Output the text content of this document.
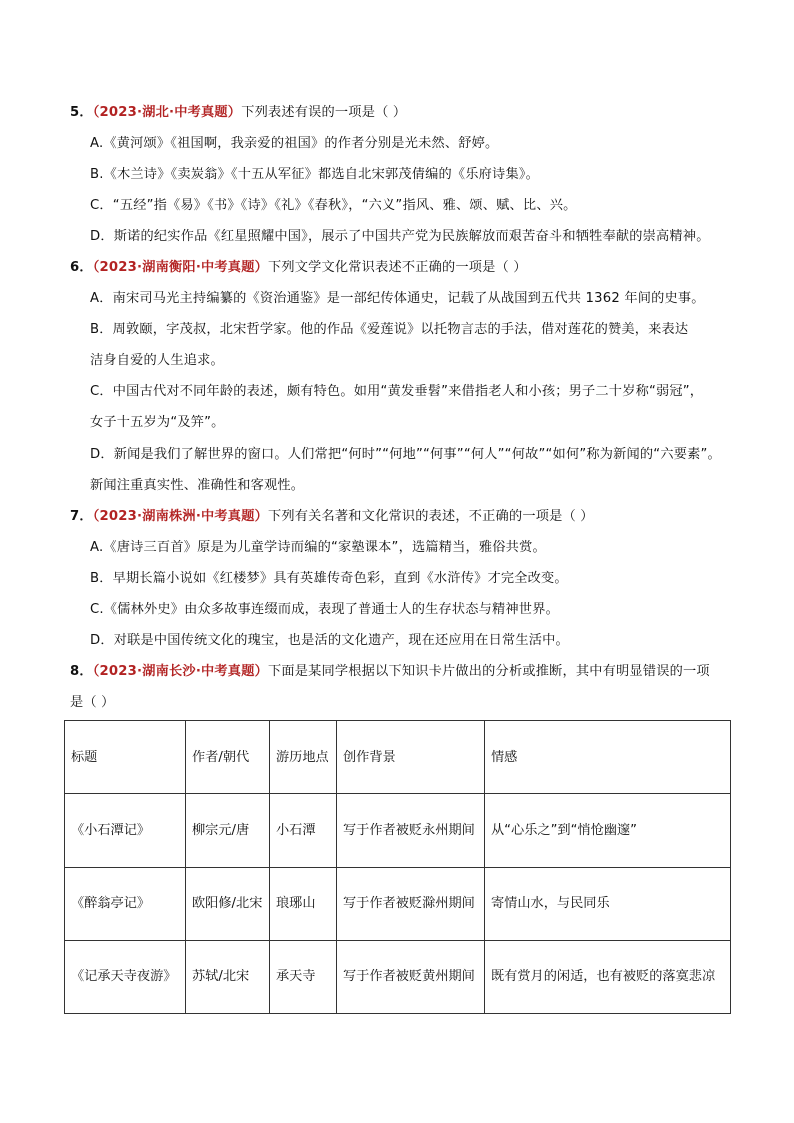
5．（2023·湖北·中考真题）下列表述有误的一项是（ ）
A.《黄河颂》《祖国啊，我亲爱的祖国》的作者分别是光未然、舒婷。
B.《木兰诗》《卖炭翁》《十五从军征》都选自北宋郭茂倩编的《乐府诗集》。
C．“五经”指《易》《书》《诗》《礼》《春秋》，“六义”指风、雅、颂、赋、比、兴。
D．斯诺的纪实作品《红星照耀中国》，展示了中国共产党为民族解放而艰苦奋斗和牺牲奉献的崇高精神。
6．（2023·湖南衡阳·中考真题）下列文学文化常识表述不正确的一项是（ ）
A．南宋司马光主持编纂的《资治通鉴》是一部纪传体通史，记载了从战国到五代共 1362 年间的史事。
B．周敦颐，字茂叔，北宋哲学家。他的作品《爱莲说》以托物言志的手法，借对莲花的赞美，来表达
洁身自爱的人生追求。
C．中国古代对不同年龄的表述，颇有特色。如用“黄发垂髫”来借指老人和小孩；男子二十岁称“弱冠”，
女子十五岁为“及笄”。
D．新闻是我们了解世界的窗口。人们常把“何时”“何地”“何事”“何人”“何故”“如何”称为新闻的“六要素”。
新闻注重真实性、准确性和客观性。
7．（2023·湖南株洲·中考真题）下列有关名著和文化常识的表述，不正确的一项是（ ）
A.《唐诗三百首》原是为儿童学诗而编的“家塾课本”，选篇精当，雅俗共赏。
B．早期长篇小说如《红楼梦》具有英雄传奇色彩，直到《水浒传》才完全改变。
C.《儒林外史》由众多故事连缀而成，表现了普通士人的生存状态与精神世界。
D．对联是中国传统文化的瑰宝，也是活的文化遗产，现在还应用在日常生活中。
8．（2023·湖南长沙·中考真题）下面是某同学根据以下知识卡片做出的分析或推断，其中有明显错误的一项
是（ ）
标题	作者/朝代	游历地点	创作背景	情感
《小石潭记》	柳宗元/唐	小石潭	写于作者被贬永州期间	从“心乐之”到“悄怆幽邃”
《醉翁亭记》	欧阳修/北宋	琅琊山	写于作者被贬滁州期间	寄情山水，与民同乐
《记承天寺夜游》	苏轼/北宋	承天寺	写于作者被贬黄州期间	既有赏月的闲适，也有被贬的落寞悲凉
